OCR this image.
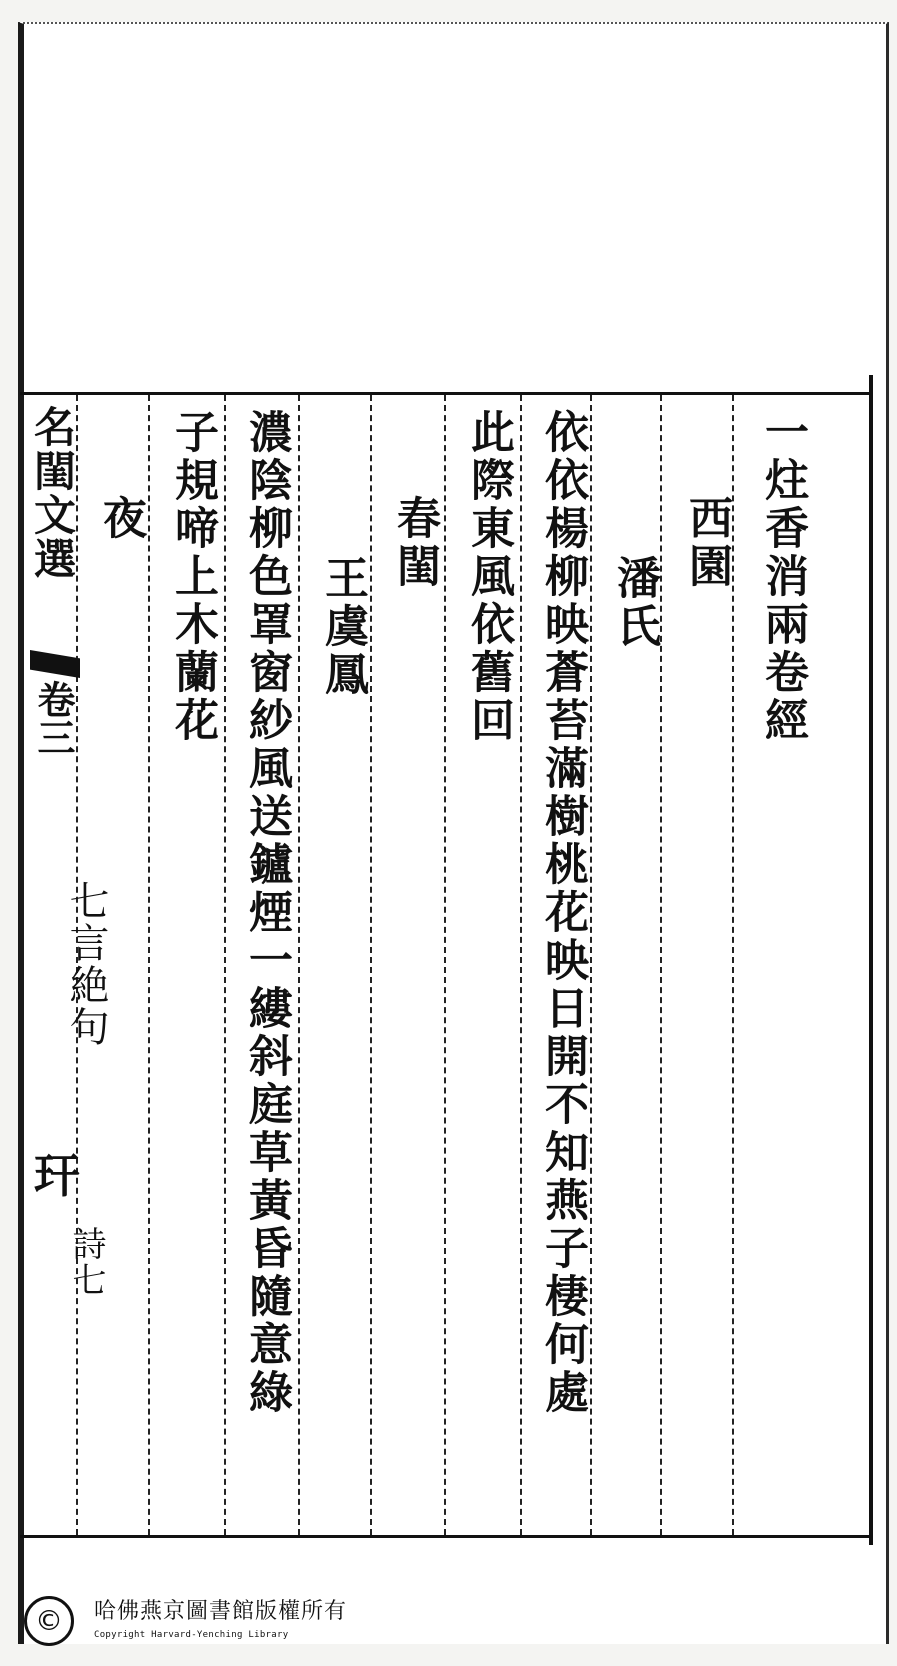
一炷香消兩卷經
西園
潘氏
依依楊柳映蒼苔滿樹桃花映日開不知燕子棲何處
此際東風依舊回
春閨
王虞鳳
濃陰柳色罩窗紗風送鑪煙一縷斜庭草黃昏隨意綠
子規啼上木蘭花
夜
名閨文選
卷三
七言絶句
玕
詩七
©	哈佛燕京圖書館版權所有
Copyright Harvard-Yenching Library
